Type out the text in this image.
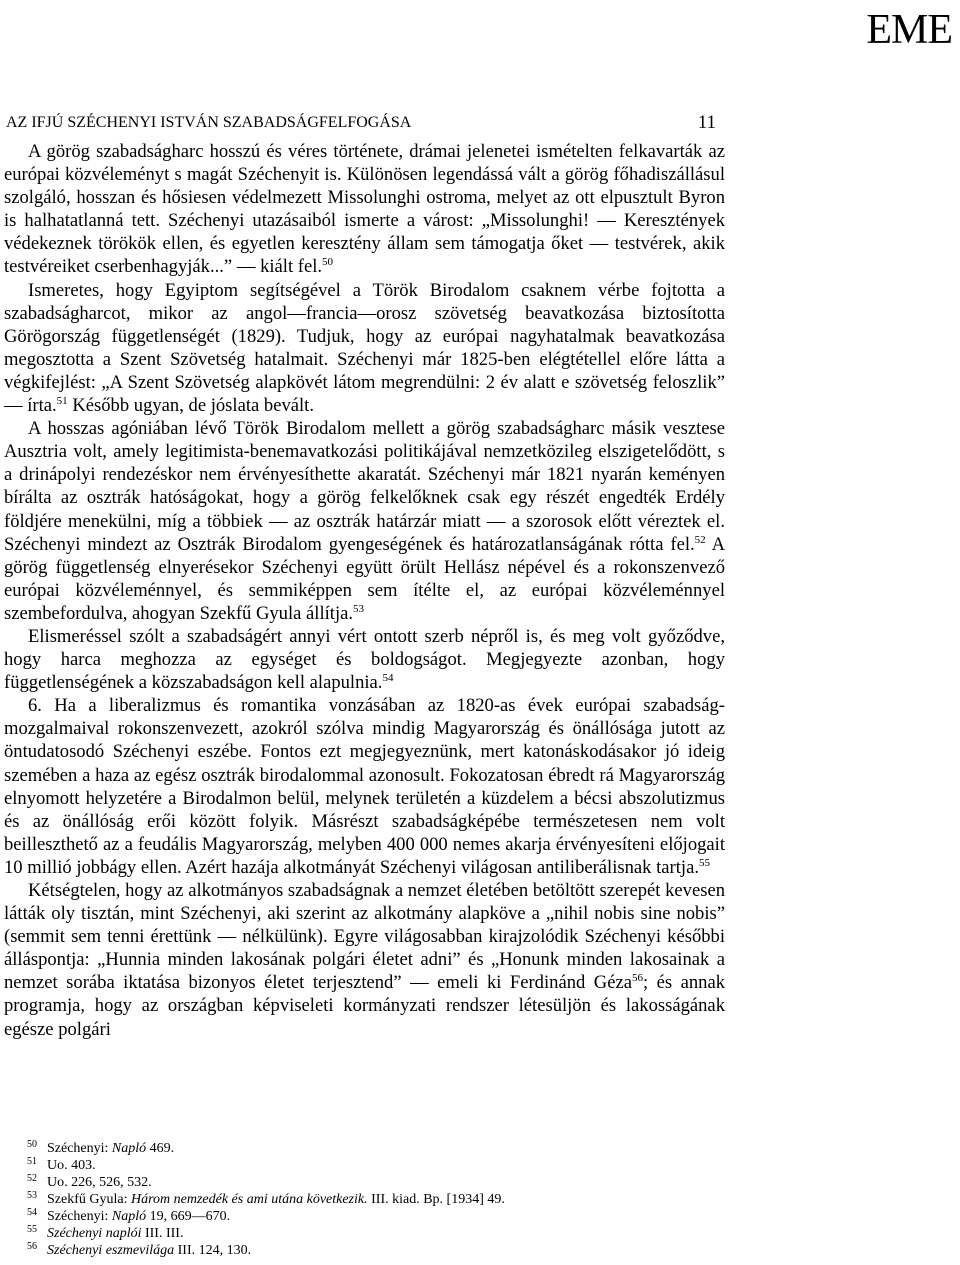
EME
AZ IFJÚ SZÉCHENYI ISTVÁN SZABADSÁGFELFOGÁSA	11

A görög szabadságharc hosszú és véres története, drámai jelenetei ismételten felkavarták az európai közvéleményt s magát Széchenyit is. Különösen legendássá vált a görög főhadiszállásul szolgáló, hosszan és hősiesen védelmezett Missolunghi ostroma, melyet az ott elpusztult Byron is halhatatlanná tett. Széchenyi utazásaiból ismerte a várost: „Missolunghi! — Keresztények védekeznek törökök ellen, és egyetlen keresztény állam sem támogatja őket — testvérek, akik testvéreiket cserbenhagyják...” — kiált fel.$^{50}$

Ismeretes, hogy Egyiptom segítségével a Török Birodalom csaknem vérbe fojtotta a szabadságharcot, mikor az angol—francia—orosz szövetség beavatkozása biztosította Görögország függetlenségét (1829). Tudjuk, hogy az európai nagyhatalmak beavatkozása megosztotta a Szent Szövetség hatalmait. Széchenyi már 1825-ben elégtétellel előre látta a végkifejlést: „A Szent Szövetség alapkövét látom megrendülni: 2 év alatt e szövetség feloszlik” — írta.$^{51}$ Később ugyan, de jóslata bevált.

A hosszas agóniában lévő Török Birodalom mellett a görög szabadságharc másik vesztese Ausztria volt, amely legitimista-benemavatkozási politikájával nemzetközileg elszigetelődött, s a drinápolyi rendezéskor nem érvényesíthette akaratát. Széchenyi már 1821 nyarán keményen bírálta az osztrák hatóságokat, hogy a görög felkelőknek csak egy részét engedték Erdély földjére menekülni, míg a többiek — az osztrák határzár miatt — a szorosok előtt véreztek el. Széchenyi mindezt az Osztrák Birodalom gyengeségének és határozatlanságának rótta fel.$^{52}$ A görög függetlenség elnyerésekor Széchenyi együtt örült Hellász népével és a rokonszenvező európai közvéleménnyel, és semmiképpen sem ítélte el, az európai közvéleménnyel szembefordulva, ahogyan Szekfű Gyula állítja.$^{53}$

Elismeréssel szólt a szabadságért annyi vért ontott szerb népről is, és meg volt győződve, hogy harca meghozza az egységet és boldogságot. Megjegyezte azonban, hogy függetlenségének a közszabadságon kell alapulnia.$^{54}$

6. Ha a liberalizmus és romantika vonzásában az 1820-as évek európai szabadság-mozgalmaival rokonszenvezett, azokról szólva mindig Magyarország és önállósága jutott az öntudatosodó Széchenyi eszébe. Fontos ezt megjegyeznünk, mert katonáskodásakor jó ideig szemében a haza az egész osztrák birodalommal azonosult. Fokozatosan ébredt rá Magyarország elnyomott helyzetére a Birodalmon belül, melynek területén a küzdelem a bécsi abszolutizmus és az önállóság erői között folyik. Másrészt szabadságképébe természetesen nem volt beilleszthető az a feudális Magyarország, melyben 400 000 nemes akarja érvényesíteni előjogait 10 millió jobbágy ellen. Azért hazája alkotmányát Széchenyi világosan antiliberálisnak tartja.$^{55}$

Kétségtelen, hogy az alkotmányos szabadságnak a nemzet életében betöltött szerepét kevesen látták oly tisztán, mint Széchenyi, aki szerint az alkotmány alapköve a „nihil nobis sine nobis” (semmit sem tenni érettünk — nélkülünk). Egyre világosabban kirajzolódik Széchenyi későbbi álláspontja: „Hunnia minden lakosának polgári életet adni” és „Honunk minden lakosainak a nemzet sorába iktatása bizonyos életet terjesztend” — emeli ki Ferdinánd Géza$^{56}$; és annak programja, hogy az országban képviseleti kormányzati rendszer létesüljön és lakosságának egésze polgári

50 Széchenyi: Napló 469.
51 Uo. 403.
52 Uo. 226, 526, 532.
53 Szekfű Gyula: Három nemzedék és ami utána következik. III. kiad. Bp. [1934] 49.
54 Széchenyi: Napló 19, 669—670.
55 Széchenyi naplói III. III.
56 Széchenyi eszmevilága III. 124, 130.
